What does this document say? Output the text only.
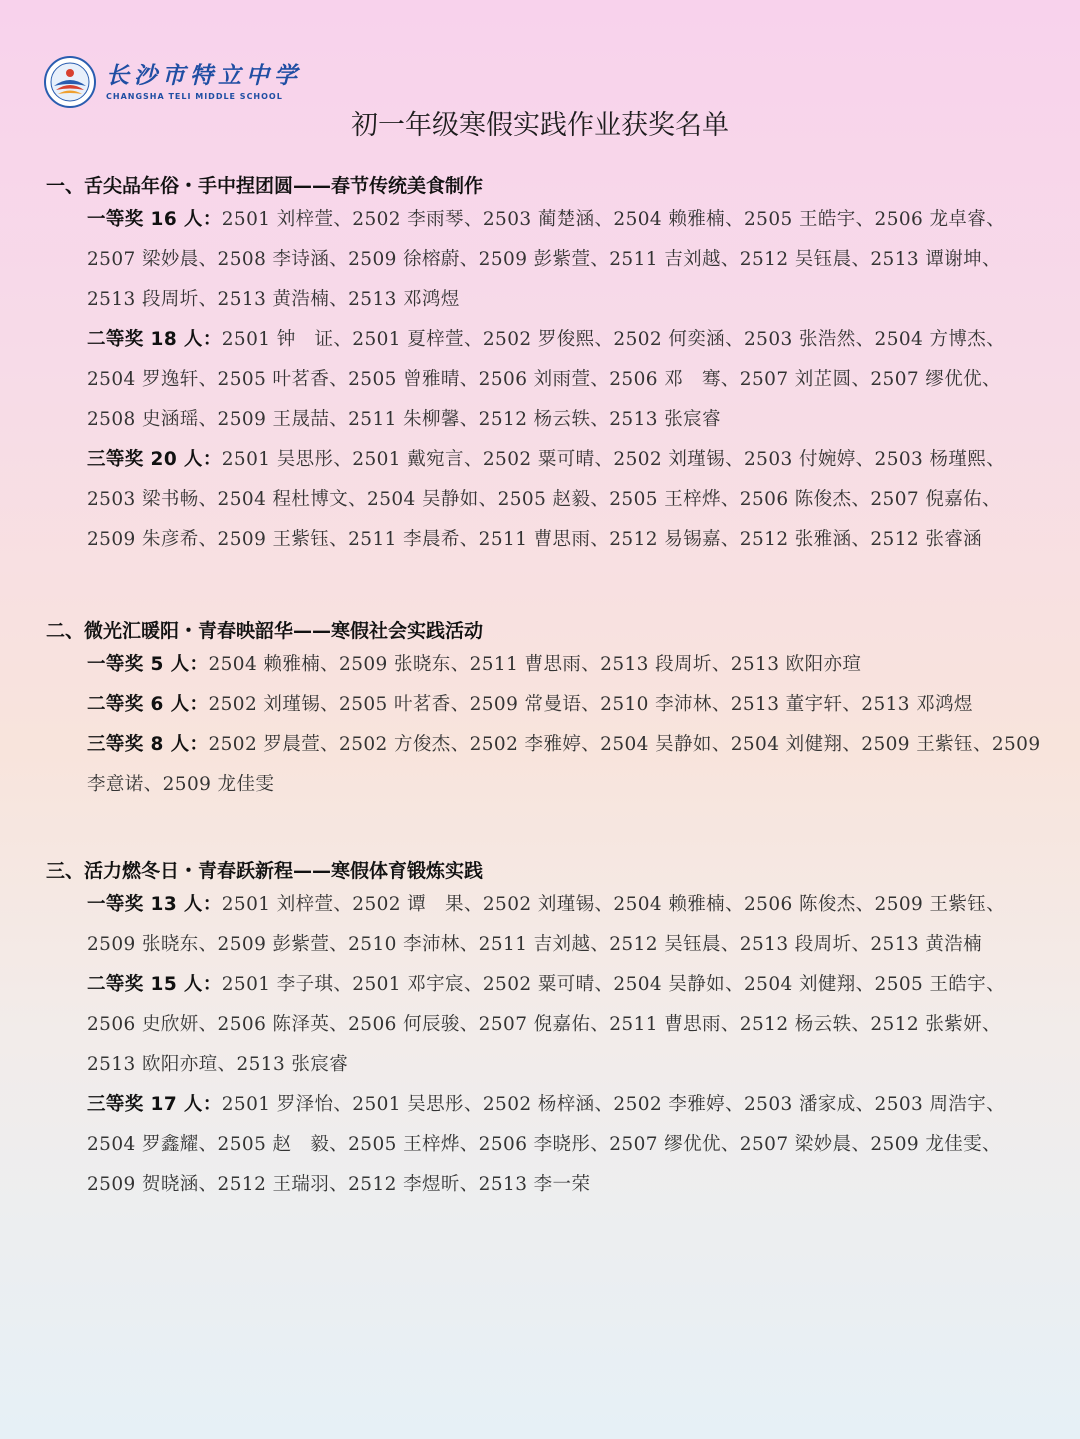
长沙市特立中学
CHANGSHA TELI MIDDLE SCHOOL
初一年级寒假实践作业获奖名单
一、舌尖品年俗・手中捏团圆——春节传统美食制作
一等奖 16 人：2501 刘梓萱、2502 李雨琴、2503 蔺楚涵、2504 赖雅楠、2505 王皓宇、2506 龙卓睿、2507 梁妙晨、2508 李诗涵、2509 徐榕蔚、2509 彭紫萱、2511 吉刘越、2512 吴钰晨、2513 谭谢坤、2513 段周圻、2513 黄浩楠、2513 邓鸿煜
二等奖 18 人：2501 钟　证、2501 夏梓萱、2502 罗俊熙、2502 何奕涵、2503 张浩然、2504 方博杰、2504 罗逸轩、2505 叶茗香、2505 曾雅晴、2506 刘雨萱、2506 邓　骞、2507 刘芷圆、2507 缪优优、2508 史涵瑶、2509 王晟喆、2511 朱柳馨、2512 杨云轶、2513 张宸睿
三等奖 20 人：2501 吴思彤、2501 戴宛言、2502 粟可晴、2502 刘瑾锡、2503 付婉婷、2503 杨瑾熙、2503 梁书畅、2504 程杜博文、2504 吴静如、2505 赵毅、2505 王梓烨、2506 陈俊杰、2507 倪嘉佑、2509 朱彦希、2509 王紫钰、2511 李晨希、2511 曹思雨、2512 易锡嘉、2512 张雅涵、2512 张睿涵
二、微光汇暖阳・青春映韶华——寒假社会实践活动
一等奖 5 人：2504 赖雅楠、2509 张晓东、2511 曹思雨、2513 段周圻、2513 欧阳亦瑄
二等奖 6 人：2502 刘瑾锡、2505 叶茗香、2509 常曼语、2510 李沛林、2513 董宇轩、2513 邓鸿煜
三等奖 8 人：2502 罗晨萱、2502 方俊杰、2502 李雅婷、2504 吴静如、2504 刘健翔、2509 王紫钰、2509 李意诺、2509 龙佳雯
三、活力燃冬日・青春跃新程——寒假体育锻炼实践
一等奖 13 人：2501 刘梓萱、2502 谭　果、2502 刘瑾锡、2504 赖雅楠、2506 陈俊杰、2509 王紫钰、2509 张晓东、2509 彭紫萱、2510 李沛林、2511 吉刘越、2512 吴钰晨、2513 段周圻、2513 黄浩楠
二等奖 15 人：2501 李子琪、2501 邓宇宸、2502 粟可晴、2504 吴静如、2504 刘健翔、2505 王皓宇、2506 史欣妍、2506 陈泽英、2506 何辰骏、2507 倪嘉佑、2511 曹思雨、2512 杨云轶、2512 张紫妍、2513 欧阳亦瑄、2513 张宸睿
三等奖 17 人：2501 罗泽怡、2501 吴思彤、2502 杨梓涵、2502 李雅婷、2503 潘家成、2503 周浩宇、2504 罗鑫耀、2505 赵　毅、2505 王梓烨、2506 李晓彤、2507 缪优优、2507 梁妙晨、2509 龙佳雯、2509 贺晓涵、2512 王瑞羽、2512 李煜昕、2513 李一荣
